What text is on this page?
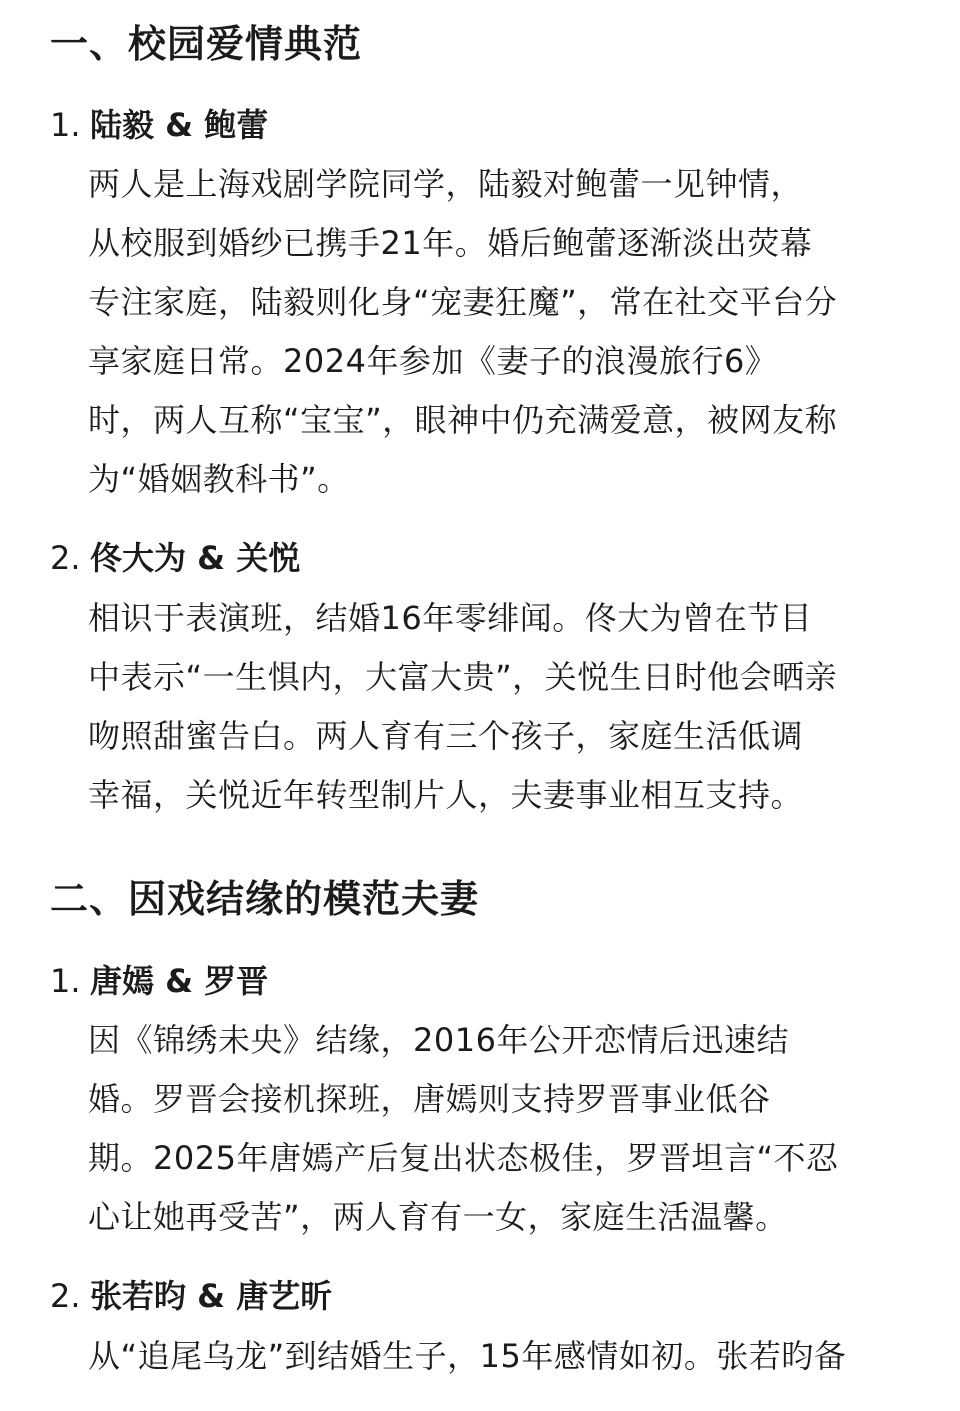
一、校园爱情典范
1. 陆毅 & 鲍蕾
两人是上海戏剧学院同学，陆毅对鲍蕾一见钟情，
从校服到婚纱已携手21年。婚后鲍蕾逐渐淡出荧幕
专注家庭，陆毅则化身“宠妻狂魔”，常在社交平台分
享家庭日常。2024年参加《妻子的浪漫旅行6》
时，两人互称“宝宝”，眼神中仍充满爱意，被网友称
为“婚姻教科书”。
2. 佟大为 & 关悦
相识于表演班，结婚16年零绯闻。佟大为曾在节目
中表示“一生惧内，大富大贵”，关悦生日时他会晒亲
吻照甜蜜告白。两人育有三个孩子，家庭生活低调
幸福，关悦近年转型制片人，夫妻事业相互支持。
二、因戏结缘的模范夫妻
1. 唐嫣 & 罗晋
因《锦绣未央》结缘，2016年公开恋情后迅速结
婚。罗晋会接机探班，唐嫣则支持罗晋事业低谷
期。2025年唐嫣产后复出状态极佳，罗晋坦言“不忍
心让她再受苦”，两人育有一女，家庭生活温馨。
2. 张若昀 & 唐艺昕
从“追尾乌龙”到结婚生子，15年感情如初。张若昀备
